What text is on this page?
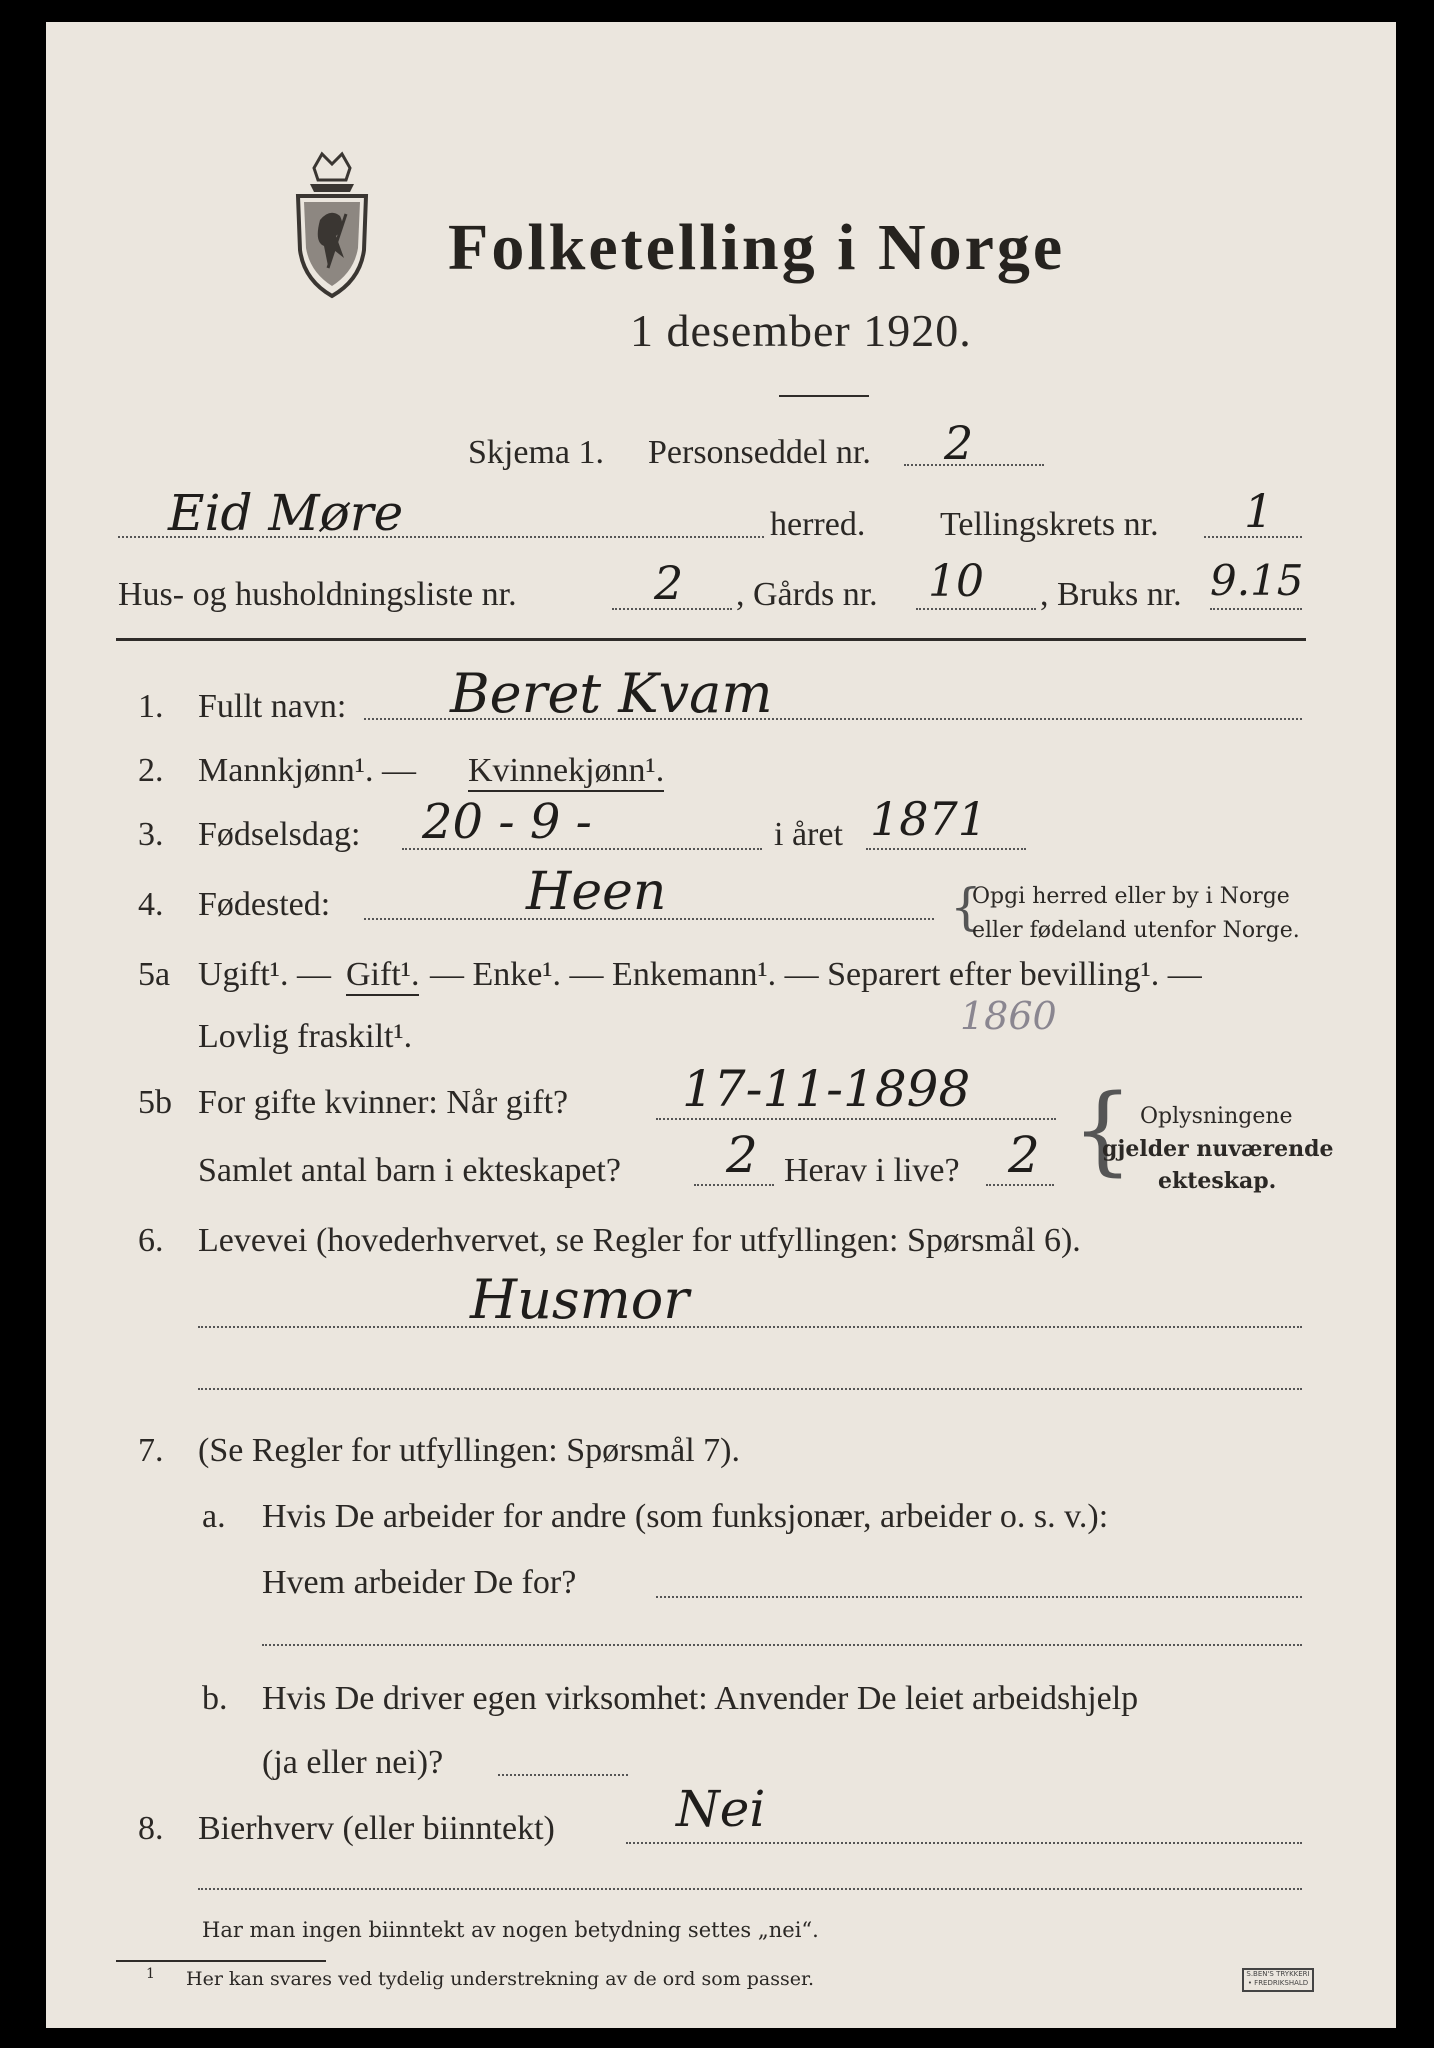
Folketelling i Norge
1 desember 1920.
Skjema 1. Personseddel nr. 2
Eid Møre	herred. Tellingskrets nr. 1
Hus- og husholdningsliste nr.	2 , Gårds nr. 10 , Bruks nr. 9.15
1. Fullt navn: Beret Kvam
2. Mannkjønn¹. — Kvinnekjønn¹.
3. Fødselsdag: 20 - 9 -	i året 1871
4. Fødested:	Heen	{
Opgi herred eller by i Norge
eller fødeland utenfor Norge.
5a Ugift¹. — Gift¹. — Enke¹. — Enkemann¹. — Separert efter bevilling¹. —
Lovlig fraskilt¹.	1860
5b For gifte kvinner: Når gift? 17-11-1898
Samlet antal barn i ekteskapet? 2 Herav i live? 2 { Oplysningene
gjelder nuværende
ekteskap.
6. Levevei (hovederhvervet, se Regler for utfyllingen: Spørsmål 6).
Husmor
7. (Se Regler for utfyllingen: Spørsmål 7).
a. Hvis De arbeider for andre (som funksjonær, arbeider o. s. v.):
Hvem arbeider De for?
b. Hvis De driver egen virksomhet: Anvender De leiet arbeidshjelp
(ja eller nei)?
8. Bierhverv (eller biinntekt) Nei
Har man ingen biinntekt av nogen betydning settes „nei“.
1 Her kan svares ved tydelig understrekning av de ord som passer.	S.BEN'S TRYKKERI • FREDRIKSHALD
